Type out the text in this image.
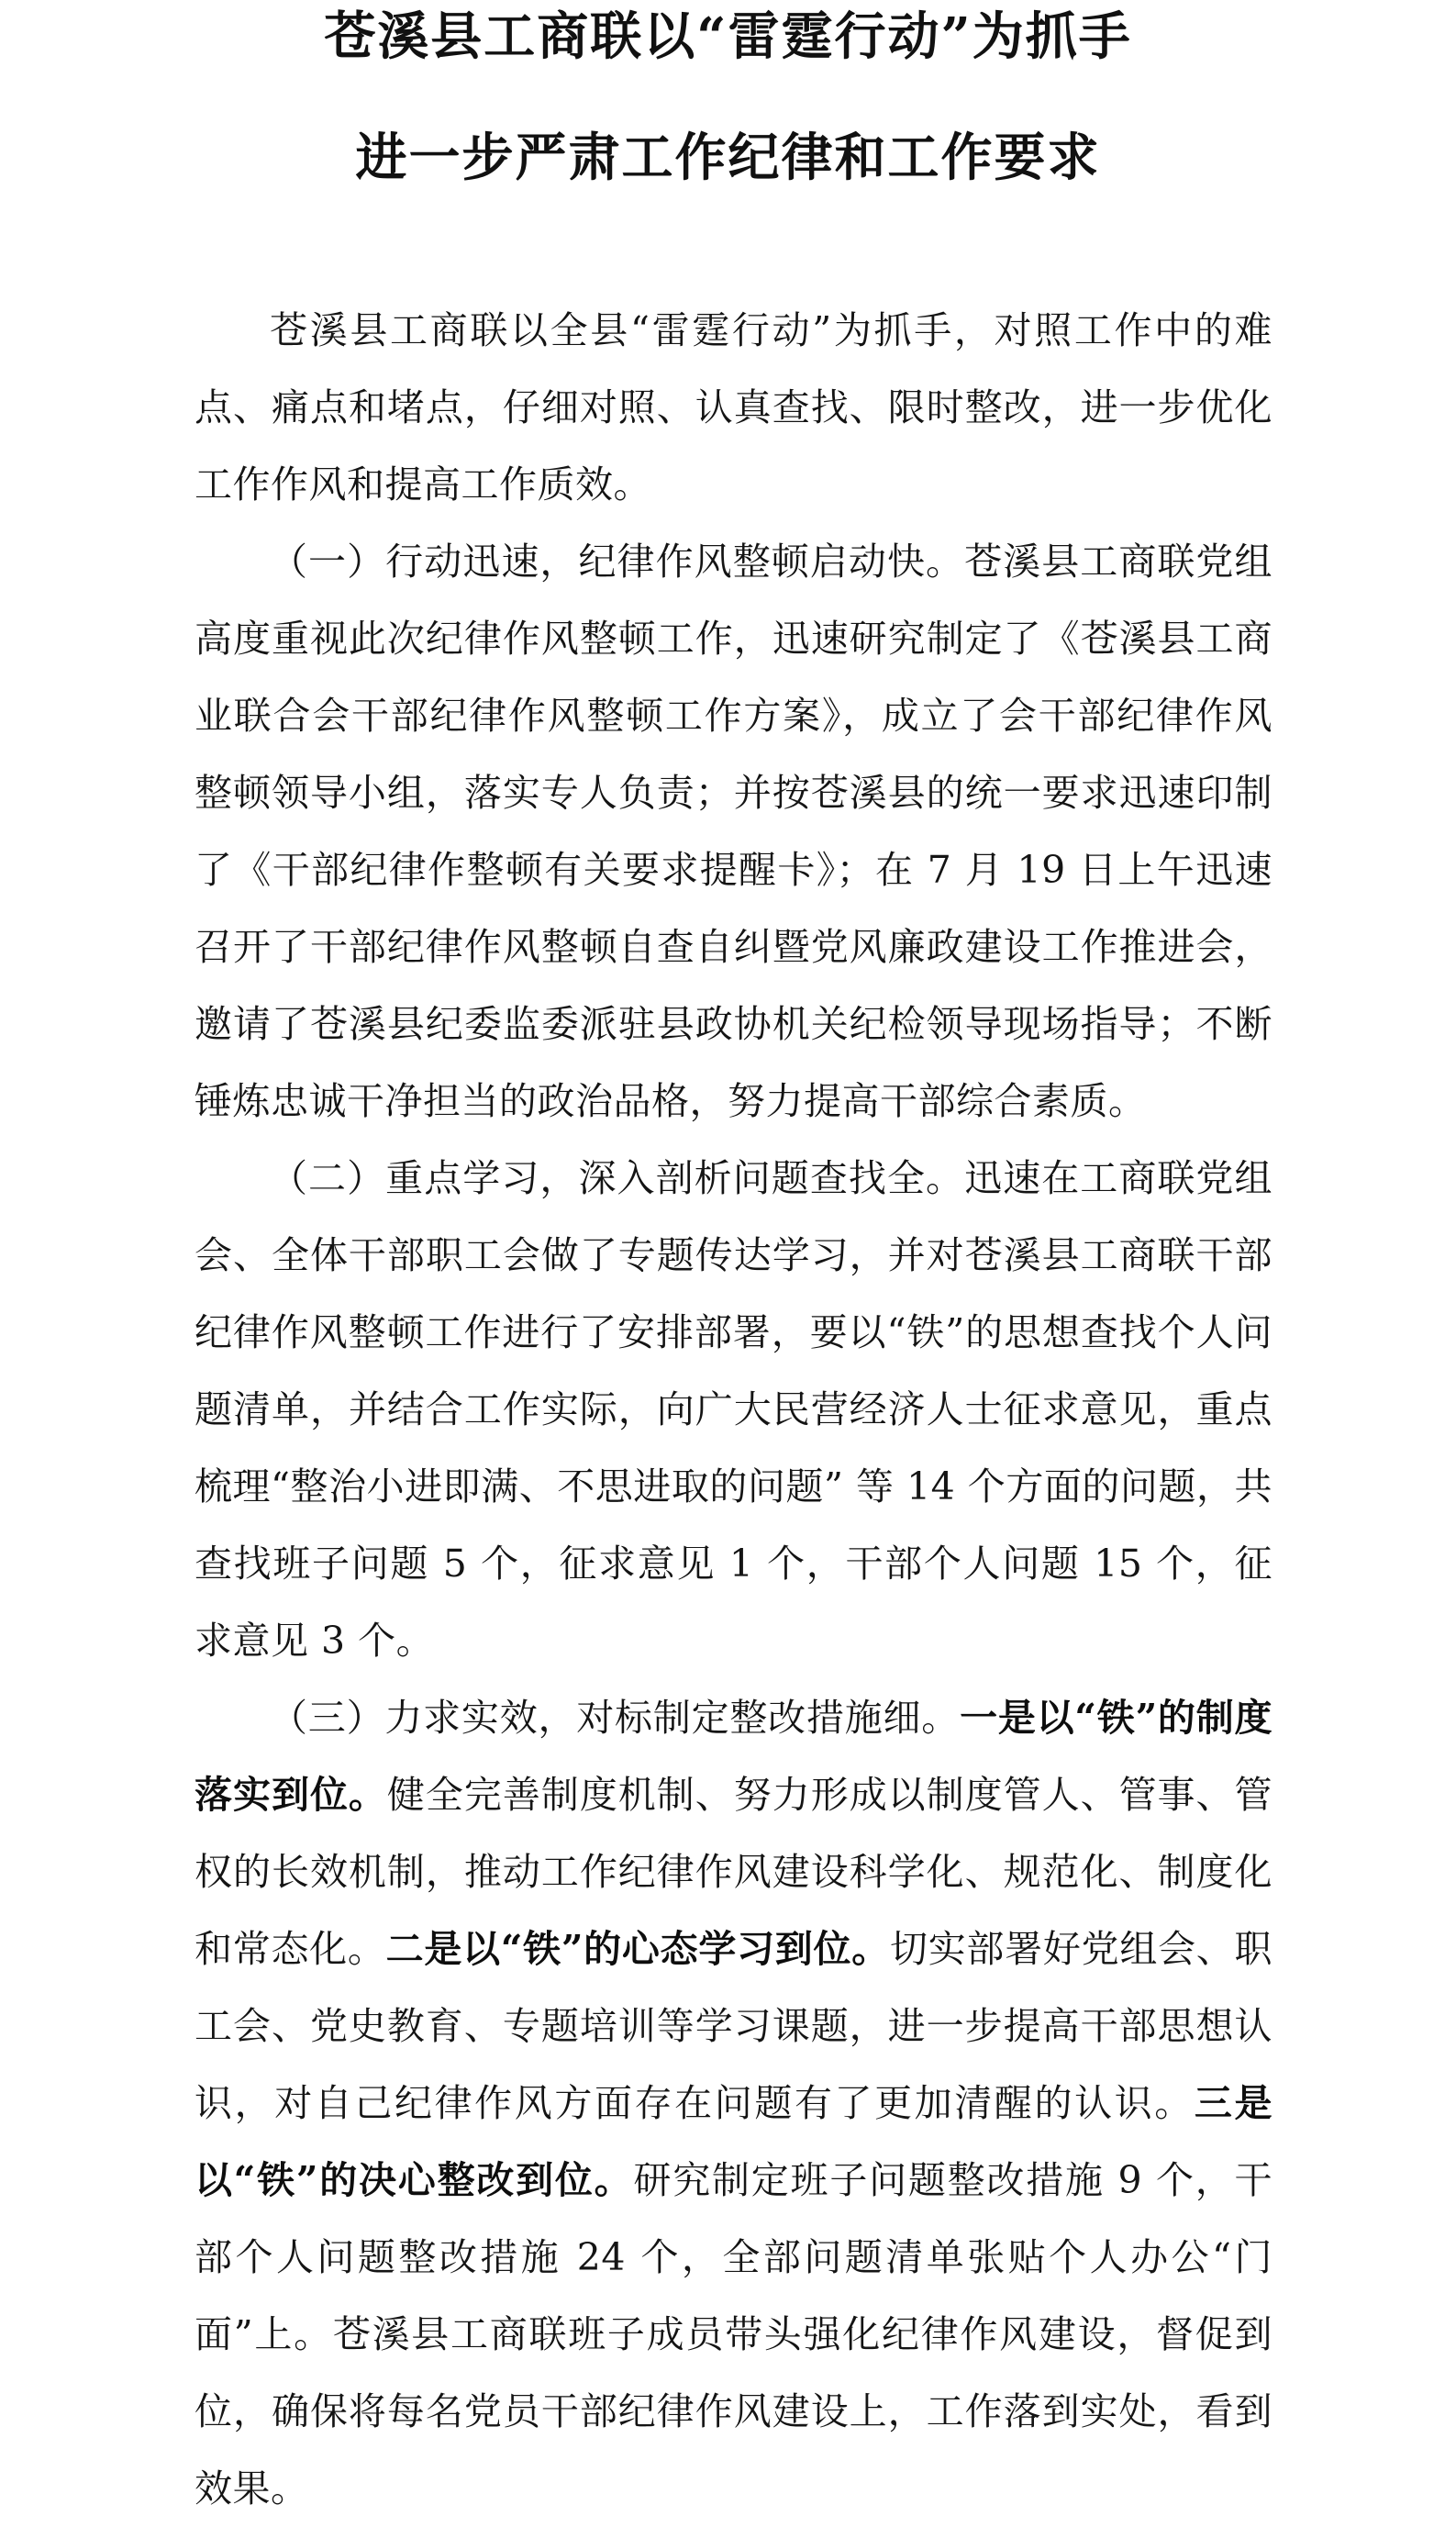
苍溪县工商联以“雷霆行动”为抓手
进一步严肃工作纪律和工作要求

苍溪县工商联以全县“雷霆行动”为抓手，对照工作中的难点、痛点和堵点，仔细对照、认真查找、限时整改，进一步优化工作作风和提高工作质效。

（一）行动迅速，纪律作风整顿启动快。苍溪县工商联党组高度重视此次纪律作风整顿工作，迅速研究制定了《苍溪县工商业联合会干部纪律作风整顿工作方案》，成立了会干部纪律作风整顿领导小组，落实专人负责；并按苍溪县的统一要求迅速印制了《干部纪律作整顿有关要求提醒卡》；在 7 月 19 日上午迅速召开了干部纪律作风整顿自查自纠暨党风廉政建设工作推进会，邀请了苍溪县纪委监委派驻县政协机关纪检领导现场指导；不断锤炼忠诚干净担当的政治品格，努力提高干部综合素质。

（二）重点学习，深入剖析问题查找全。迅速在工商联党组会、全体干部职工会做了专题传达学习，并对苍溪县工商联干部纪律作风整顿工作进行了安排部署，要以“铁”的思想查找个人问题清单，并结合工作实际，向广大民营经济人士征求意见，重点梳理“整治小进即满、不思进取的问题” 等 14 个方面的问题，共查找班子问题 5 个，征求意见 1 个，干部个人问题 15 个，征求意见 3 个。

（三）力求实效，对标制定整改措施细。一是以“铁”的制度落实到位。健全完善制度机制、努力形成以制度管人、管事、管权的长效机制，推动工作纪律作风建设科学化、规范化、制度化和常态化。二是以“铁”的心态学习到位。切实部署好党组会、职工会、党史教育、专题培训等学习课题，进一步提高干部思想认识，对自己纪律作风方面存在问题有了更加清醒的认识。三是以“铁”的决心整改到位。研究制定班子问题整改措施 9 个，干部个人问题整改措施 24 个，全部问题清单张贴个人办公“门面”上。苍溪县工商联班子成员带头强化纪律作风建设，督促到位，确保将每名党员干部纪律作风建设上，工作落到实处，看到效果。
